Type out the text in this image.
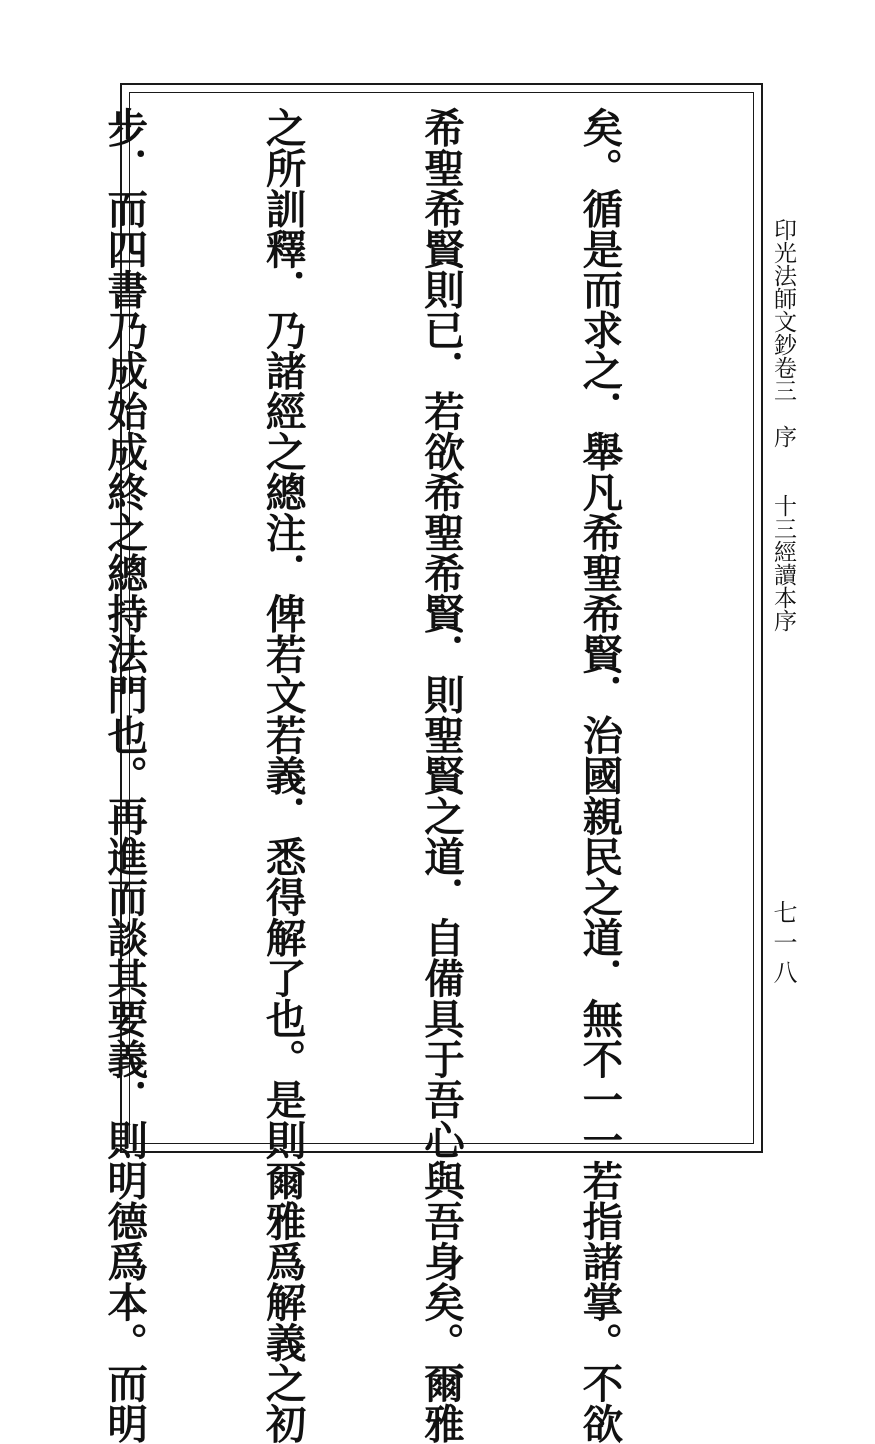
印光法師文鈔卷三　序　　十三經讀本序
七一八

矣。循是而求之．舉凡希聖希賢．治國親民之道．無不一一若指諸掌。不欲

希聖希賢則已．若欲希聖希賢．則聖賢之道．自備具于吾心與吾身矣。爾雅

之所訓釋．乃諸經之總注．俾若文若義．悉得解了也。是則爾雅爲解義之初

步．而四書乃成始成終之總持法門也。再進而談其要義．則明德爲本。而明
